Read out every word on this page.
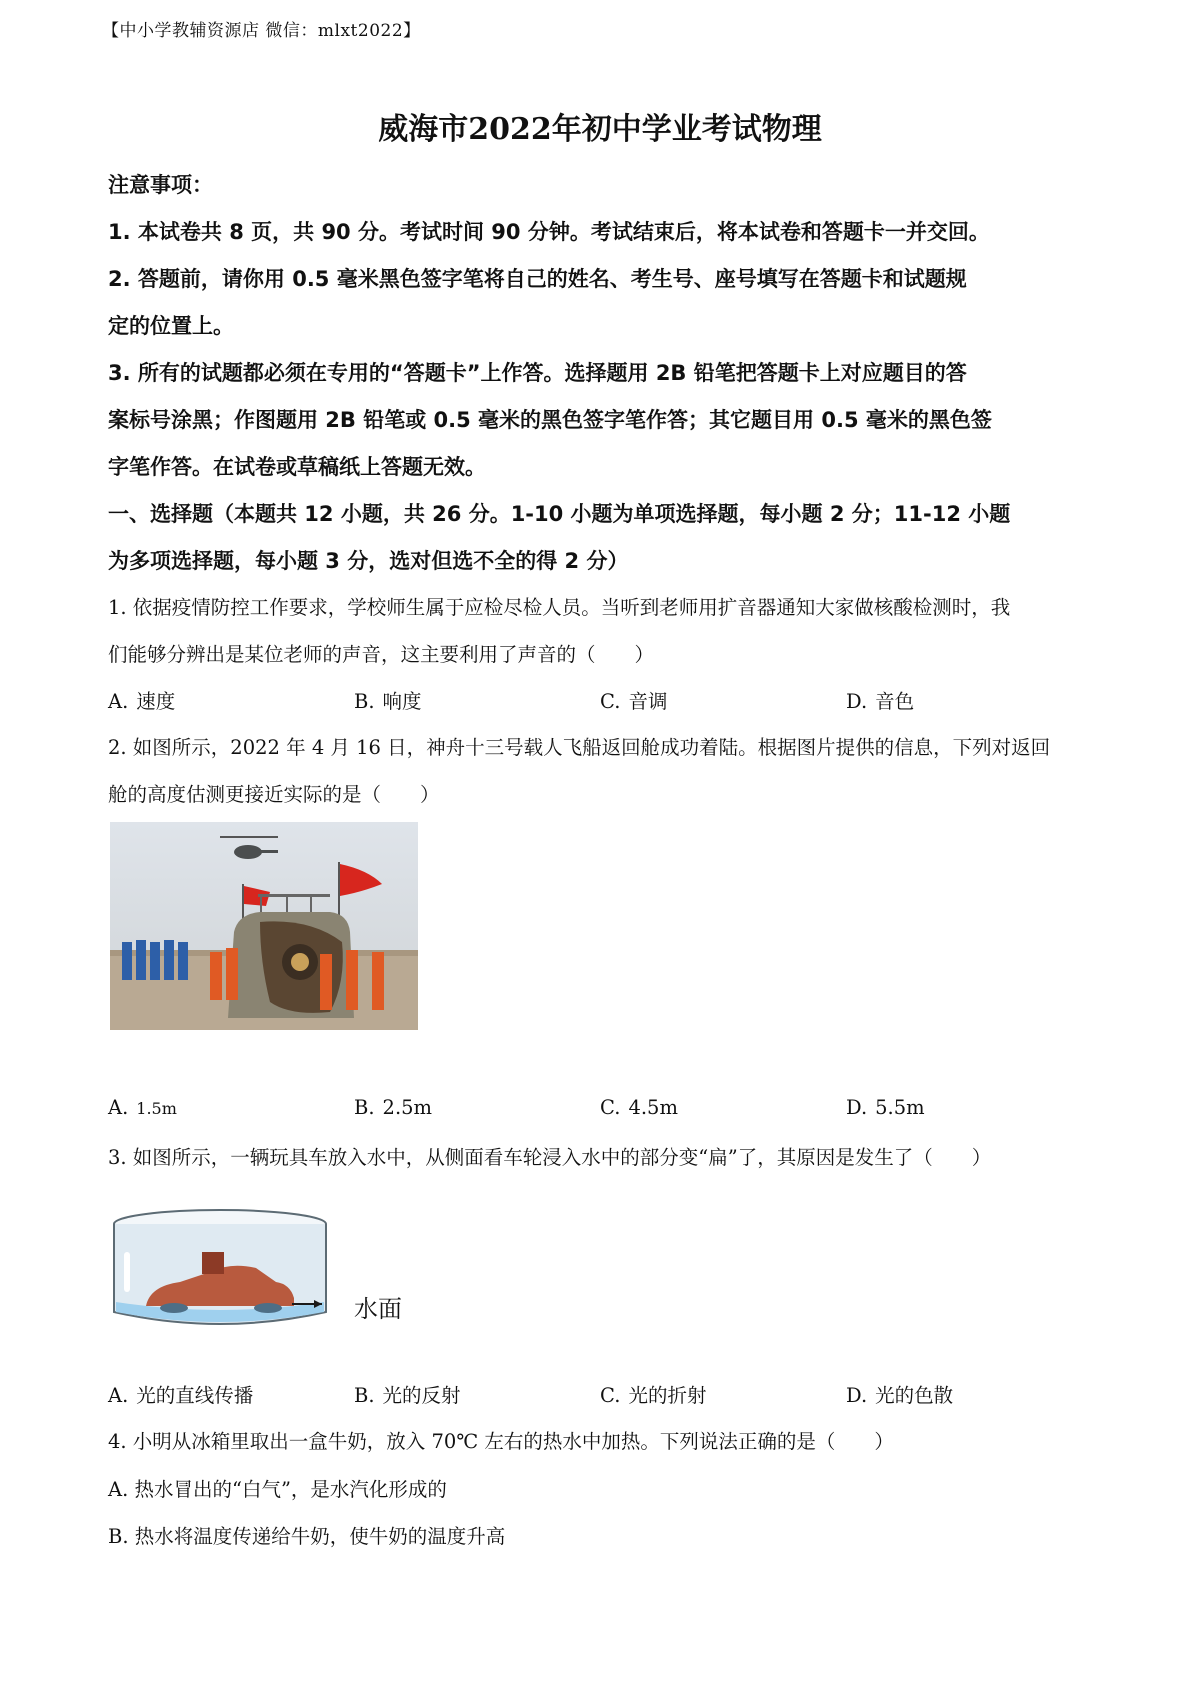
【中小学教辅资源店 微信：mlxt2022】
威海市2022年初中学业考试物理
注意事项：
1. 本试卷共 8 页，共 90 分。考试时间 90 分钟。考试结束后，将本试卷和答题卡一并交回。
2. 答题前，请你用 0.5 毫米黑色签字笔将自己的姓名、考生号、座号填写在答题卡和试题规
定的位置上。
3. 所有的试题都必须在专用的“答题卡”上作答。选择题用 2B 铅笔把答题卡上对应题目的答
案标号涂黑；作图题用 2B 铅笔或 0.5 毫米的黑色签字笔作答；其它题目用 0.5 毫米的黑色签
字笔作答。在试卷或草稿纸上答题无效。
一、选择题（本题共 12 小题，共 26 分。1-10 小题为单项选择题，每小题 2 分；11-12 小题
为多项选择题，每小题 3 分，选对但选不全的得 2 分）
1. 依据疫情防控工作要求，学校师生属于应检尽检人员。当听到老师用扩音器通知大家做核酸检测时，我
们能够分辨出是某位老师的声音，这主要利用了声音的（　　）
A. 速度	B. 响度	C. 音调	D. 音色
2. 如图所示，2022 年 4 月 16 日，神舟十三号载人飞船返回舱成功着陆。根据图片提供的信息，下列对返回
舱的高度估测更接近实际的是（　　）
A. 1.5m	B. 2.5m	C. 4.5m	D. 5.5m
3. 如图所示，一辆玩具车放入水中，从侧面看车轮浸入水中的部分变“扁”了，其原因是发生了（　　）
水面
A. 光的直线传播	B. 光的反射	C. 光的折射	D. 光的色散
4. 小明从冰箱里取出一盒牛奶，放入 70℃ 左右的热水中加热。下列说法正确的是（　　）
A. 热水冒出的“白气”，是水汽化形成的
B. 热水将温度传递给牛奶，使牛奶的温度升高
